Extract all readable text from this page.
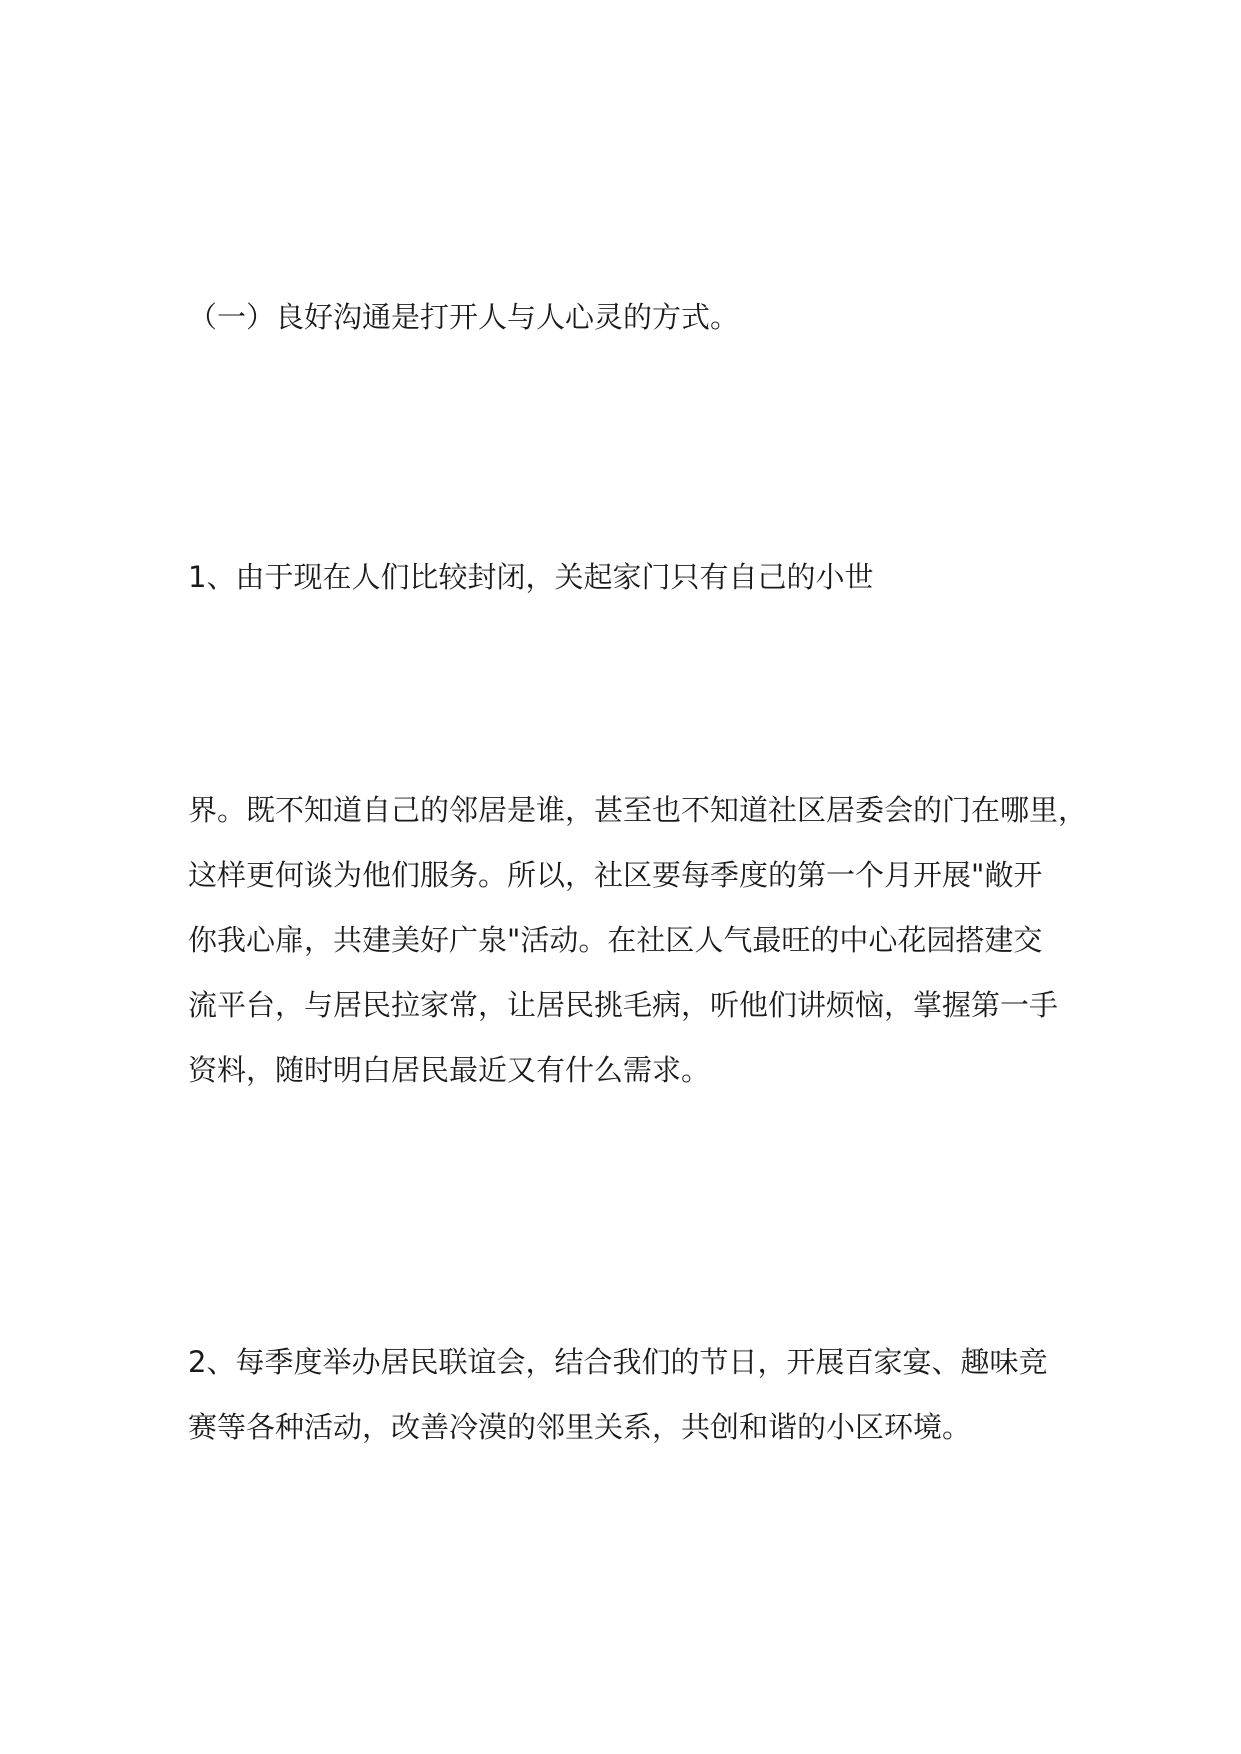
（一）良好沟通是打开人与人心灵的方式。

1、由于现在人们比较封闭，关起家门只有自己的小世

界。既不知道自己的邻居是谁，甚至也不知道社区居委会的门在哪里，
这样更何谈为他们服务。所以，社区要每季度的第一个月开展"敞开
你我心扉，共建美好广泉"活动。在社区人气最旺的中心花园搭建交
流平台，与居民拉家常，让居民挑毛病，听他们讲烦恼，掌握第一手
资料，随时明白居民最近又有什么需求。

2、每季度举办居民联谊会，结合我们的节日，开展百家宴、趣味竞
赛等各种活动，改善冷漠的邻里关系，共创和谐的小区环境。
